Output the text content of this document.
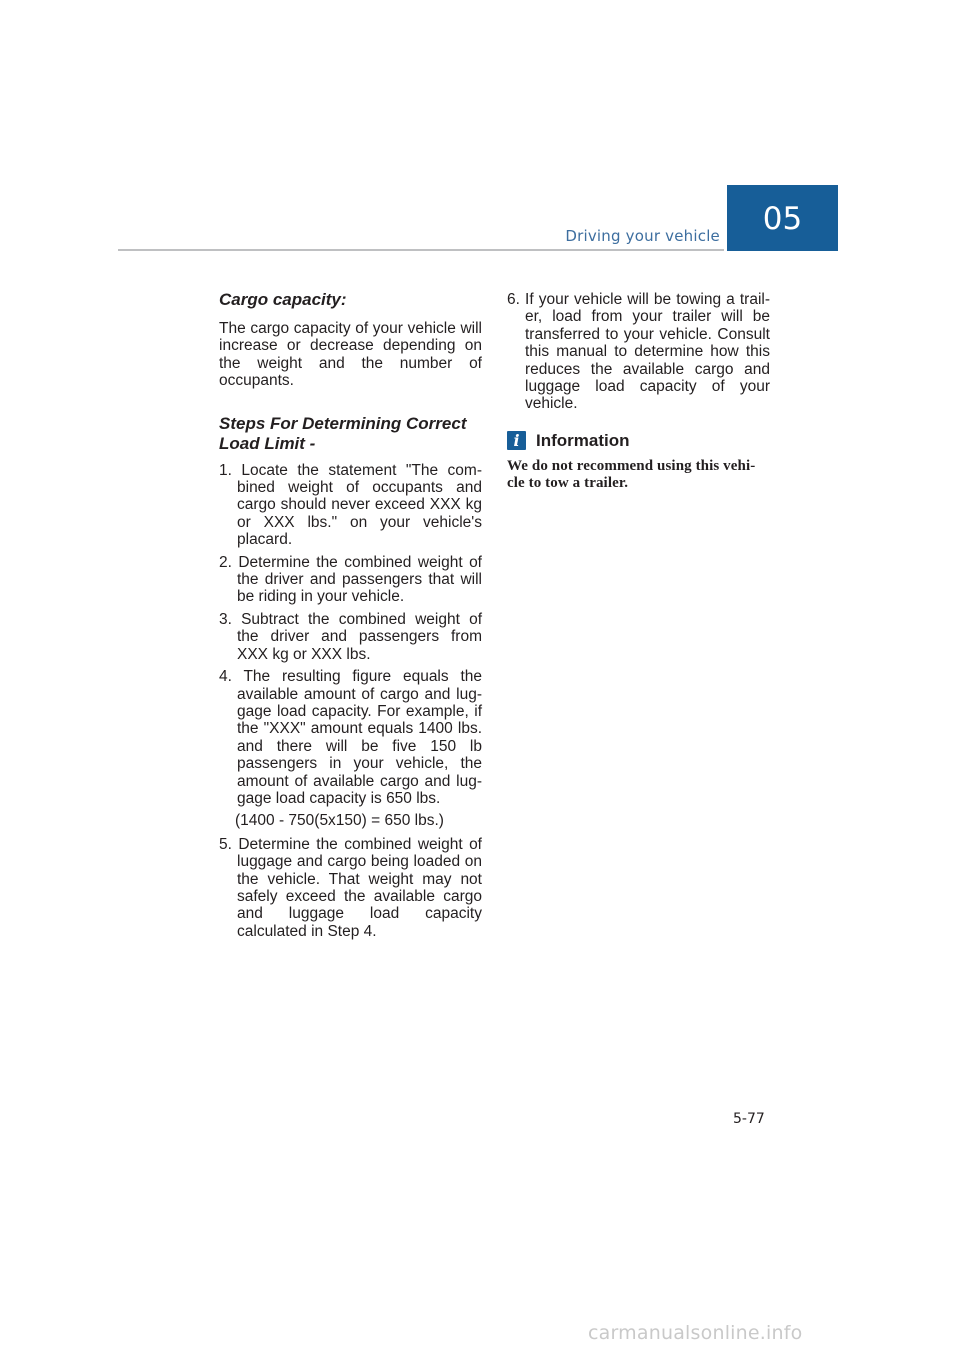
Driving your vehicle	05

Cargo capacity:

The cargo capacity of your vehicle will increase or decrease depending on the weight and the number of occupants.

Steps For Determining Correct
Load Limit -

1. Locate the statement "The com-bined weight of occupants and cargo should never exceed XXX kg or XXX lbs." on your vehicle's placard.
2. Determine the combined weight of the driver and passengers that will be riding in your vehicle.
3. Subtract the combined weight of the driver and passengers from XXX kg or XXX lbs.
4. The resulting figure equals the available amount of cargo and lug-gage load capacity. For example, if the "XXX" amount equals 1400 lbs. and there will be five 150 lb passengers in your vehicle, the amount of available cargo and lug-gage load capacity is 650 lbs.
(1400 - 750(5x150) = 650 lbs.)
5. Determine the combined weight of luggage and cargo being loaded on the vehicle. That weight may not safely exceed the available cargo and luggage load capacity calculated in Step 4.

6. If your vehicle will be towing a trail-er, load from your trailer will be transferred to your vehicle. Consult this manual to determine how this reduces the available cargo and luggage load capacity of your vehicle.

i Information
We do not recommend using this vehi-
cle to tow a trailer.
5-77
carmanualsonline.info
